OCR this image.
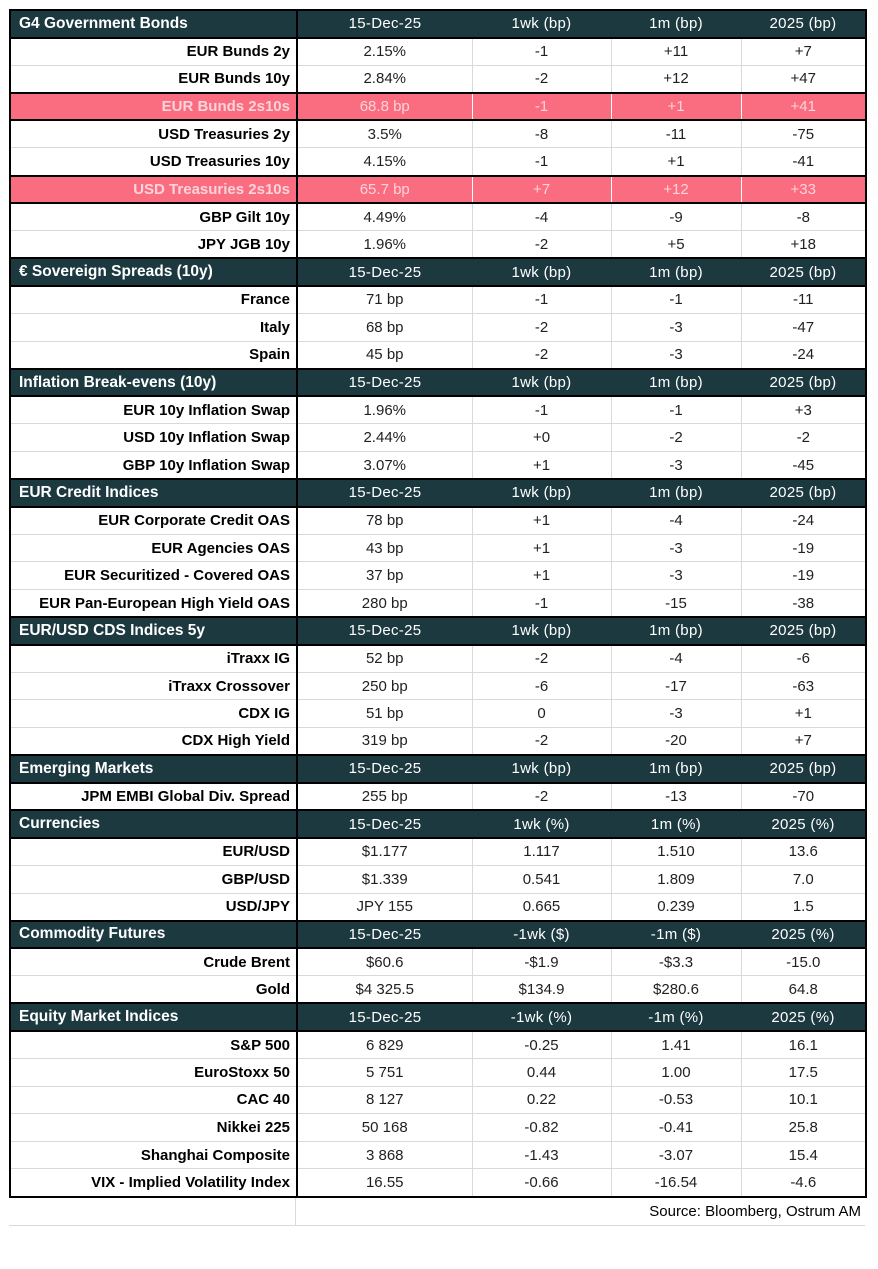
G4 Government Bonds	15-Dec-25	1wk (bp)	1m (bp)	2025 (bp)
EUR Bunds 2y	2.15%	-1	+11	+7
EUR Bunds 10y	2.84%	-2	+12	+47
EUR Bunds 2s10s	68.8 bp	-1	+1	+41
USD Treasuries 2y	3.5%	-8	-11	-75
USD Treasuries 10y	4.15%	-1	+1	-41
USD Treasuries 2s10s	65.7 bp	+7	+12	+33
GBP Gilt 10y	4.49%	-4	-9	-8
JPY JGB 10y	1.96%	-2	+5	+18
€ Sovereign Spreads (10y)	15-Dec-25	1wk (bp)	1m (bp)	2025 (bp)
France	71 bp	-1	-1	-11
Italy	68 bp	-2	-3	-47
Spain	45 bp	-2	-3	-24
Inflation Break-evens (10y)	15-Dec-25	1wk (bp)	1m (bp)	2025 (bp)
EUR 10y Inflation Swap	1.96%	-1	-1	+3
USD 10y Inflation Swap	2.44%	+0	-2	-2
GBP 10y Inflation Swap	3.07%	+1	-3	-45
EUR Credit Indices	15-Dec-25	1wk (bp)	1m (bp)	2025 (bp)
EUR Corporate Credit OAS	78 bp	+1	-4	-24
EUR Agencies OAS	43 bp	+1	-3	-19
EUR Securitized - Covered OAS	37 bp	+1	-3	-19
EUR Pan-European High Yield OAS	280 bp	-1	-15	-38
EUR/USD CDS Indices 5y	15-Dec-25	1wk (bp)	1m (bp)	2025 (bp)
iTraxx IG	52 bp	-2	-4	-6
iTraxx Crossover	250 bp	-6	-17	-63
CDX IG	51 bp	0	-3	+1
CDX High Yield	319 bp	-2	-20	+7
Emerging Markets	15-Dec-25	1wk (bp)	1m (bp)	2025 (bp)
JPM EMBI Global Div. Spread	255 bp	-2	-13	-70
Currencies	15-Dec-25	1wk (%)	1m (%)	2025 (%)
EUR/USD	$1.177	1.117	1.510	13.6
GBP/USD	$1.339	0.541	1.809	7.0
USD/JPY	JPY 155	0.665	0.239	1.5
Commodity Futures	15-Dec-25	-1wk ($)	-1m ($)	2025 (%)
Crude Brent	$60.6	-$1.9	-$3.3	-15.0
Gold	$4 325.5	$134.9	$280.6	64.8
Equity Market Indices	15-Dec-25	-1wk (%)	-1m (%)	2025 (%)
S&P 500	6 829	-0.25	1.41	16.1
EuroStoxx 50	5 751	0.44	1.00	17.5
CAC 40	8 127	0.22	-0.53	10.1
Nikkei 225	50 168	-0.82	-0.41	25.8
Shanghai Composite	3 868	-1.43	-3.07	15.4
VIX - Implied Volatility Index	16.55	-0.66	-16.54	-4.6
Source: Bloomberg, Ostrum AM
